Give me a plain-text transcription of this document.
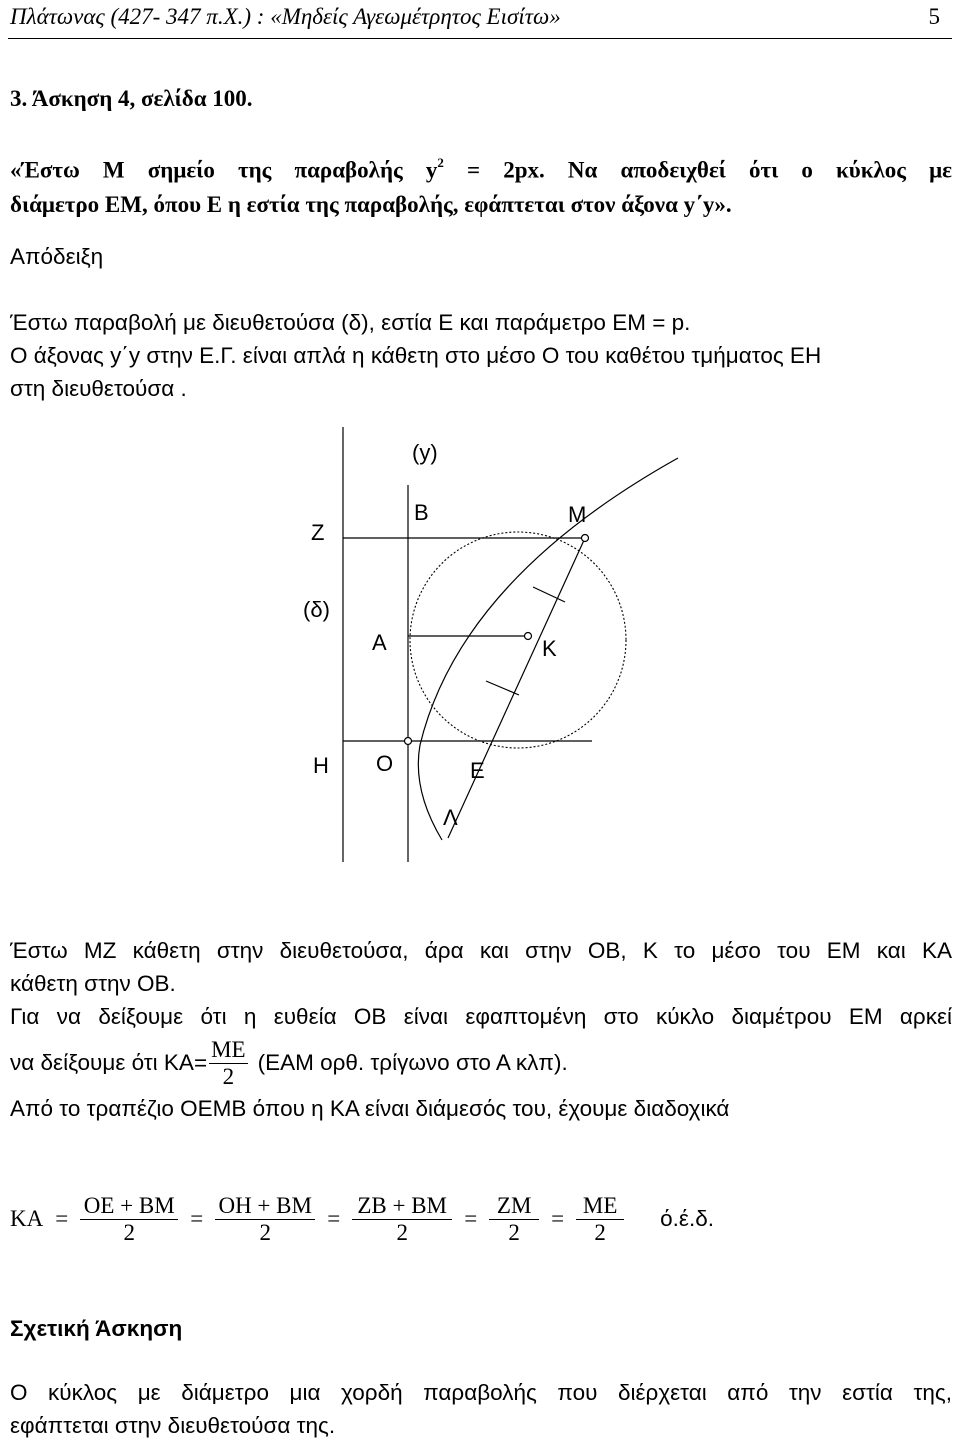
Πλάτωνας (427- 347 π.Χ.) : «Μηδείς Αγεωμέτρητος Εισίτω»	5
3. Άσκηση 4, σελίδα 100.
«Έστω Μ σημείο της παραβολής $y^2 = 2px$. Να αποδειχθεί ότι ο κύκλος με
διάμετρο ΕΜ, όπου Ε η εστία της παραβολής, εφάπτεται στον άξονα y΄y».
Απόδειξη
Έστω παραβολή με διευθετούσα (δ), εστία Ε και παράμετρο ΕΜ = p.
Ο άξονας y΄y στην Ε.Γ. είναι απλά η κάθετη στο μέσο Ο του καθέτου τμήματος ΕΗ
στη διευθετούσα .
(y)
Ζ
Β	Μ
(δ)
Α	Κ
Η Ο	Ε
Λ
Έστω ΜΖ κάθετη στην διευθετούσα, άρα και στην ΟΒ, Κ το μέσο του ΕΜ και ΚΑ
κάθετη στην ΟΒ.
Για να δείξουμε ότι η ευθεία ΟΒ είναι εφαπτομένη στο κύκλο διαμέτρου ΕΜ αρκεί
να δείξουμε ότι $KA= \frac{ME}{2} (EAM$ ορθ. τρίγωνο στο Α κλπ).
Από το τραπέζιο ΟΕΜΒ όπου η ΚΑ είναι διάμεσός του, έχουμε διαδοχικά
$KA = \frac{OE + BM}{2} = \frac{OH + BM}{2} = \frac{ZB + BM}{2} = \frac{ZM}{2} = \frac{ME}{2} ό.έ.\delta$.
Σχετική Άσκηση
Ο κύκλος με διάμετρο μια χορδή παραβολής που διέρχεται από την εστία της,
εφάπτεται στην διευθετούσα της.
